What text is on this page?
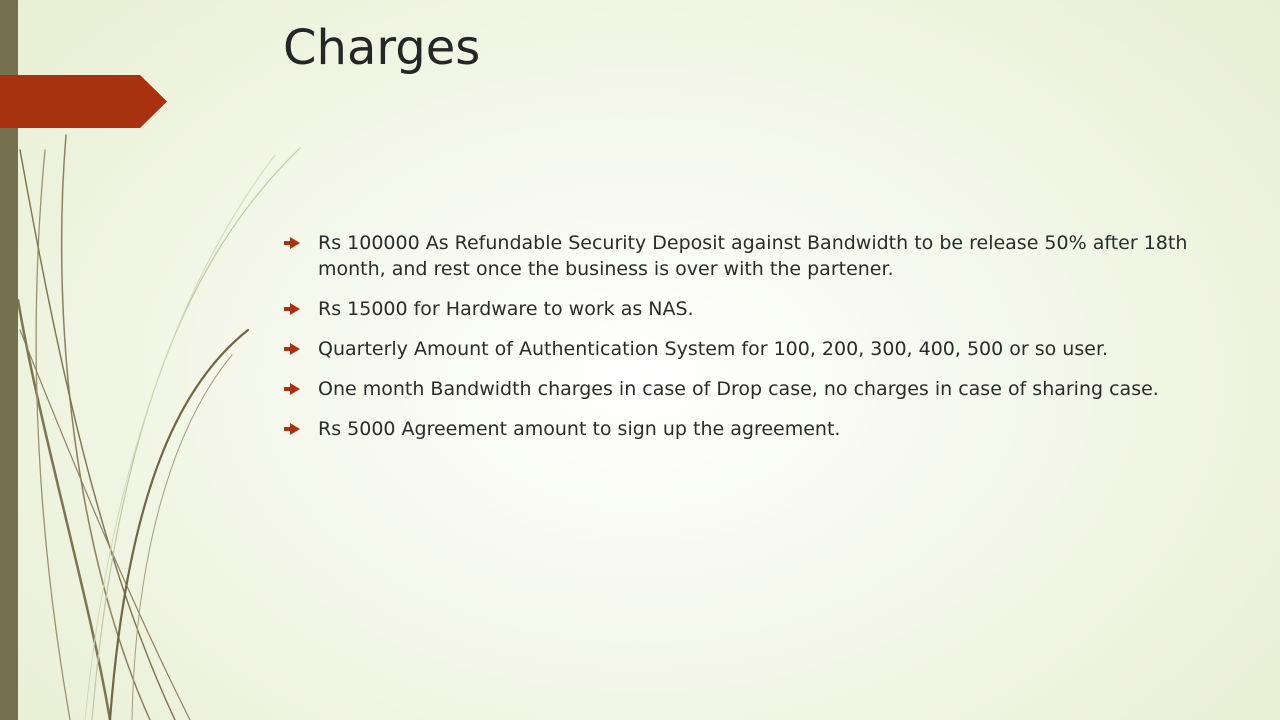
Charges
Rs 100000 As Refundable Security Deposit against Bandwidth to be release 50% after 18th month, and rest once the business is over with the partener.
Rs 15000 for Hardware to work as NAS.
Quarterly Amount of Authentication System for 100, 200, 300, 400, 500 or so user.
One month Bandwidth charges in case of Drop case, no charges in case of sharing case.
Rs 5000 Agreement amount to sign up the agreement.
